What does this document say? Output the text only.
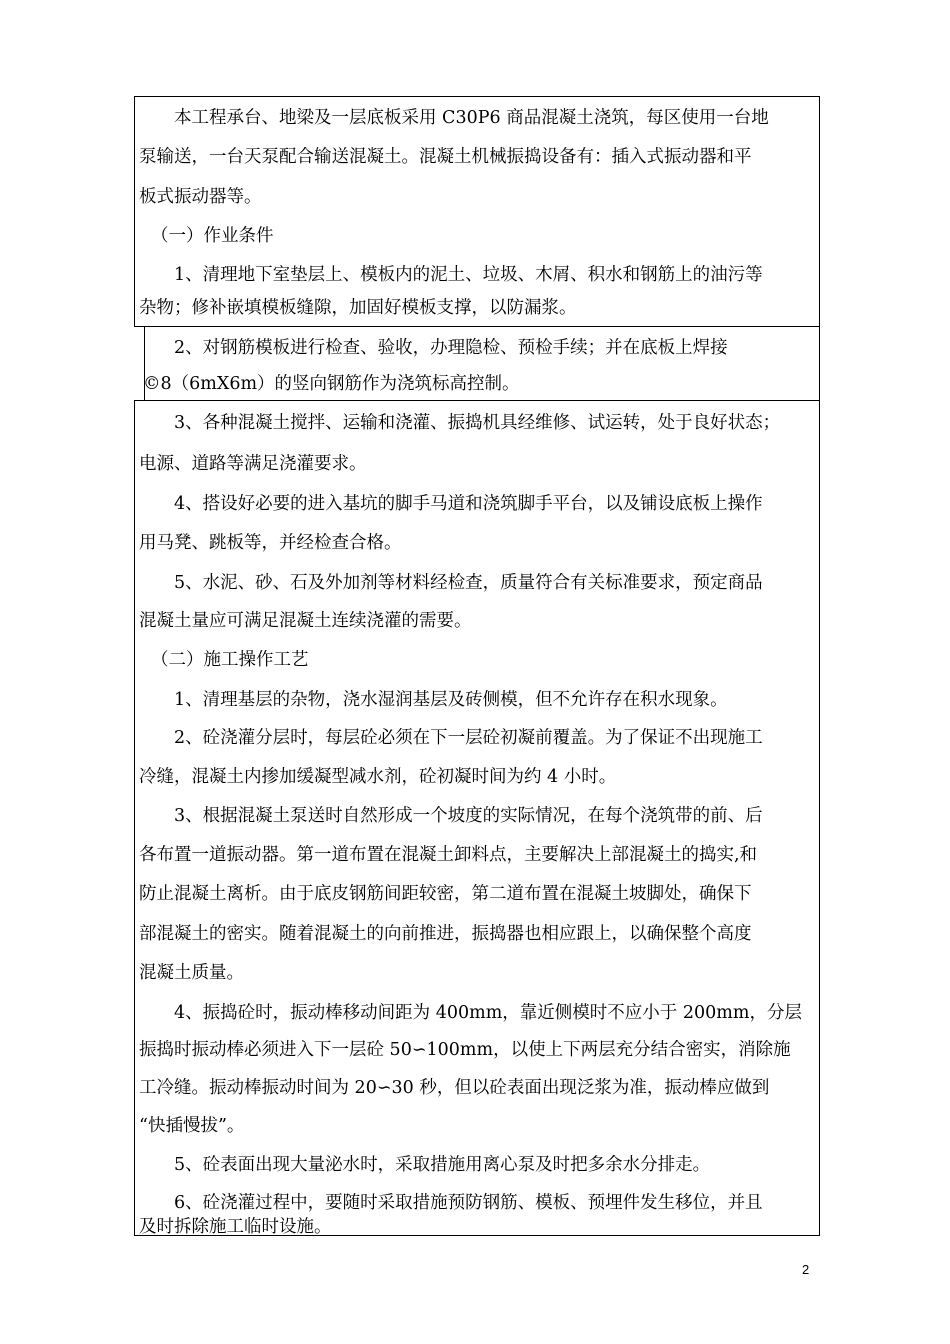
　　本工程承台、地梁及一层底板采用 C30P6 商品混凝土浇筑，每区使用一台地
泵输送，一台天泵配合输送混凝土。混凝土机械振捣设备有：插入式振动器和平
板式振动器等。
（一）作业条件
　　1、清理地下室垫层上、模板内的泥土、垃圾、木屑、积水和钢筋上的油污等
杂物；修补嵌填模板缝隙，加固好模板支撑，以防漏浆。
　　2、对钢筋模板进行检查、验收，办理隐检、预检手续；并在底板上焊接
©8（6mX6m）的竖向钢筋作为浇筑标高控制。
　　3、各种混凝土搅拌、运输和浇灌、振捣机具经维修、试运转，处于良好状态；
电源、道路等满足浇灌要求。
　　4、搭设好必要的进入基坑的脚手马道和浇筑脚手平台，以及铺设底板上操作
用马凳、跳板等，并经检查合格。
　　5、水泥、砂、石及外加剂等材料经检查，质量符合有关标准要求，预定商品
混凝土量应可满足混凝土连续浇灌的需要。
（二）施工操作工艺
　　1、清理基层的杂物，浇水湿润基层及砖侧模，但不允许存在积水现象。
　　2、砼浇灌分层时，每层砼必须在下一层砼初凝前覆盖。为了保证不出现施工
冷缝，混凝土内掺加缓凝型减水剂，砼初凝时间为约 4 小时。
　　3、根据混凝土泵送时自然形成一个坡度的实际情况，在每个浇筑带的前、后
各布置一道振动器。第一道布置在混凝土卸料点，主要解决上部混凝土的捣实,和
防止混凝土离析。由于底皮钢筋间距较密，第二道布置在混凝土坡脚处，确保下
部混凝土的密实。随着混凝土的向前推进，振捣器也相应跟上，以确保整个高度
混凝土质量。
　　4、振捣砼时，振动棒移动间距为 400mm，靠近侧模时不应小于 200mm，分层
振捣时振动棒必须进入下一层砼 50∽100mm，以使上下两层充分结合密实，消除施
工冷缝。振动棒振动时间为 20∽30 秒，但以砼表面出现泛浆为准，振动棒应做到
“快插慢拔”。
　　5、砼表面出现大量泌水时，采取措施用离心泵及时把多余水分排走。
　　6、砼浇灌过程中，要随时采取措施预防钢筋、模板、预埋件发生移位，并且
及时拆除施工临时设施。
2
